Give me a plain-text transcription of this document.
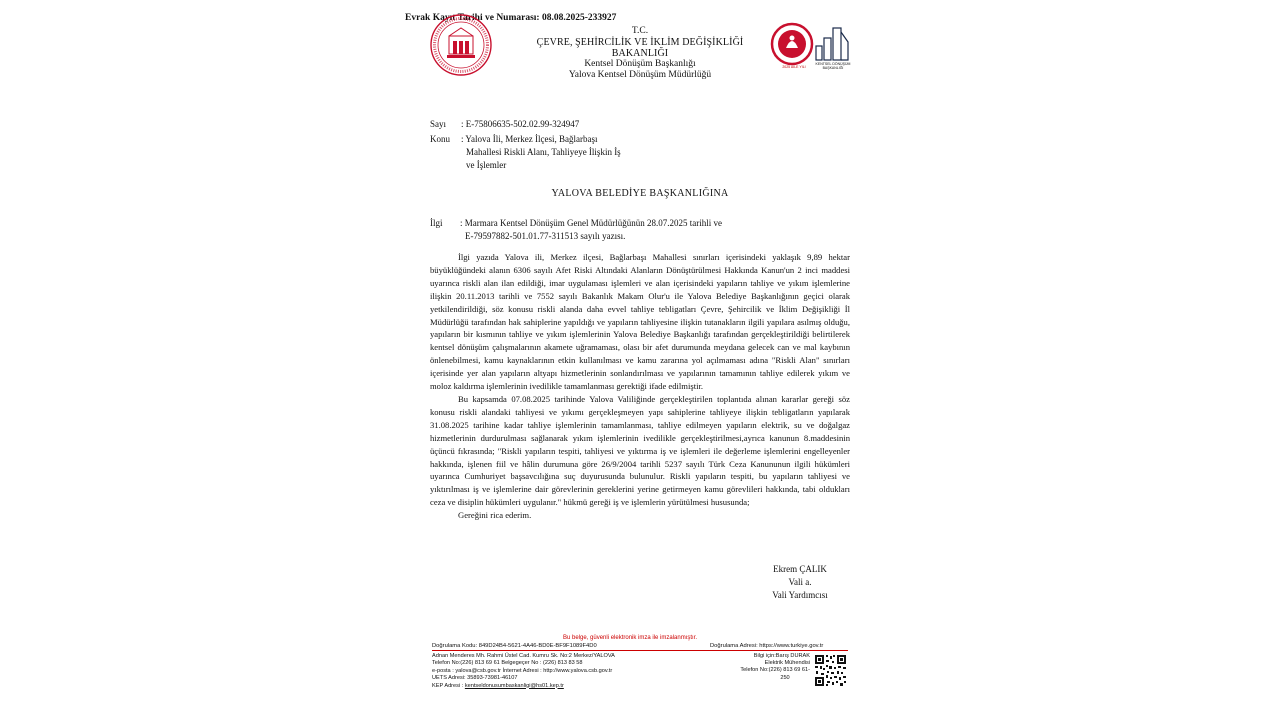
Evrak Kayıt Tarihi ve Numarası: 08.08.2025-233927
T.C.
ÇEVRE, ŞEHİRCİLİK VE İKLİM DEĞİŞİKLİĞİ BAKANLIĞI
Kentsel Dönüşüm Başkanlığı
Yalova Kentsel Dönüşüm Müdürlüğü
2025 AİLE YILI
KENTSEL DÖNÜŞÜM BAŞKANLIĞI
Sayı	: E-75806635-502.02.99-324947
Konu	: Yalova İli, Merkez İlçesi, Bağlarbaşı
Mahallesi Riskli Alanı, Tahliyeye İlişkin İş
ve İşlemler
YALOVA BELEDİYE BAŞKANLIĞINA
İlgi	: Marmara Kentsel Dönüşüm Genel Müdürlüğünün 28.07.2025 tarihli ve
E-79597882-501.01.77-311513 sayılı yazısı.

İlgi yazıda Yalova ili, Merkez ilçesi, Bağlarbaşı Mahallesi sınırları içerisindeki yaklaşık 9,89 hektar büyüklüğündeki alanın 6306 sayılı Afet Riski Altındaki Alanların Dönüştürülmesi Hakkında Kanun'un 2 inci maddesi uyarınca riskli alan ilan edildiği, imar uygulaması işlemleri ve alan içerisindeki yapıların tahliye ve yıkım işlemlerine ilişkin 20.11.2013 tarihli ve 7552 sayılı Bakanlık Makam Olur'u ile Yalova Belediye Başkanlığının geçici olarak yetkilendirildiği, söz konusu riskli alanda daha evvel tahliye tebligatları Çevre, Şehircilik ve İklim Değişikliği İl Müdürlüğü tarafından hak sahiplerine yapıldığı ve yapıların tahliyesine ilişkin tutanakların ilgili yapılara asılmış olduğu, yapıların bir kısmının tahliye ve yıkım işlemlerinin Yalova Belediye Başkanlığı tarafından gerçekleştirildiği belirtilerek kentsel dönüşüm çalışmalarının akamete uğramaması, olası bir afet durumunda meydana gelecek can ve mal kaybının önlenebilmesi, kamu kaynaklarının etkin kullanılması ve kamu zararına yol açılmaması adına "Riskli Alan" sınırları içerisinde yer alan yapıların altyapı hizmetlerinin sonlandırılması ve yapılarının tamamının tahliye edilerek yıkım ve moloz kaldırma işlemlerinin ivedilikle tamamlanması gerektiği ifade edilmiştir.

Bu kapsamda 07.08.2025 tarihinde Yalova Valiliğinde gerçekleştirilen toplantıda alınan kararlar gereği söz konusu riskli alandaki tahliyesi ve yıkımı gerçekleşmeyen yapı sahiplerine tahliyeye ilişkin tebligatların yapılarak 31.08.2025 tarihine kadar tahliye işlemlerinin tamamlanması, tahliye edilmeyen yapıların elektrik, su ve doğalgaz hizmetlerinin durdurulması sağlanarak yıkım işlemlerinin ivedilikle gerçekleştirilmesi,ayrıca kanunun 8.maddesinin üçüncü fıkrasında; "Riskli yapıların tespiti, tahliyesi ve yıktırma iş ve işlemleri ile değerleme işlemlerini engelleyenler hakkında, işlenen fiil ve hâlin durumuna göre 26/9/2004 tarihli 5237 sayılı Türk Ceza Kanununun ilgili hükümleri uyarınca Cumhuriyet başsavcılığına suç duyurusunda bulunulur. Riskli yapıların tespiti, bu yapıların tahliyesi ve yıktırılması iş ve işlemlerine dair görevlerinin gereklerini yerine getirmeyen kamu görevlileri hakkında, tabi oldukları ceza ve disiplin hükümleri uygulanır." hükmü gereği iş ve işlemlerin yürütülmesi hususunda;

Gereğini rica ederim.

Ekrem ÇALIK
Vali a.
Vali Yardımcısı
Bu belge, güvenli elektronik imza ile imzalanmıştır.
Doğrulama Kodu: 849D24B4-5621-4A46-BD0E-BF9F1089F4D0	Doğrulama Adresi: https://www.turkiye.gov.tr
Adnan Menderes Mh. Rahmi Üstel Cad. Kumru Sk. No:2 Merkez/YALOVA
Telefon No:(226) 813 69 61 Belgegeçer No : (226) 813 83 58
e-posta : yalova@csb.gov.tr İnternet Adresi : http://www.yalova.csb.gov.tr
UETS Adresi: 35893-73981-46107
KEP Adresi : kentseldonusumbaskanligi@hs01.kep.tr
Bilgi için:Barış DURAK
Elektrik Mühendisi
Telefon No:(226) 813 69 61-
250
